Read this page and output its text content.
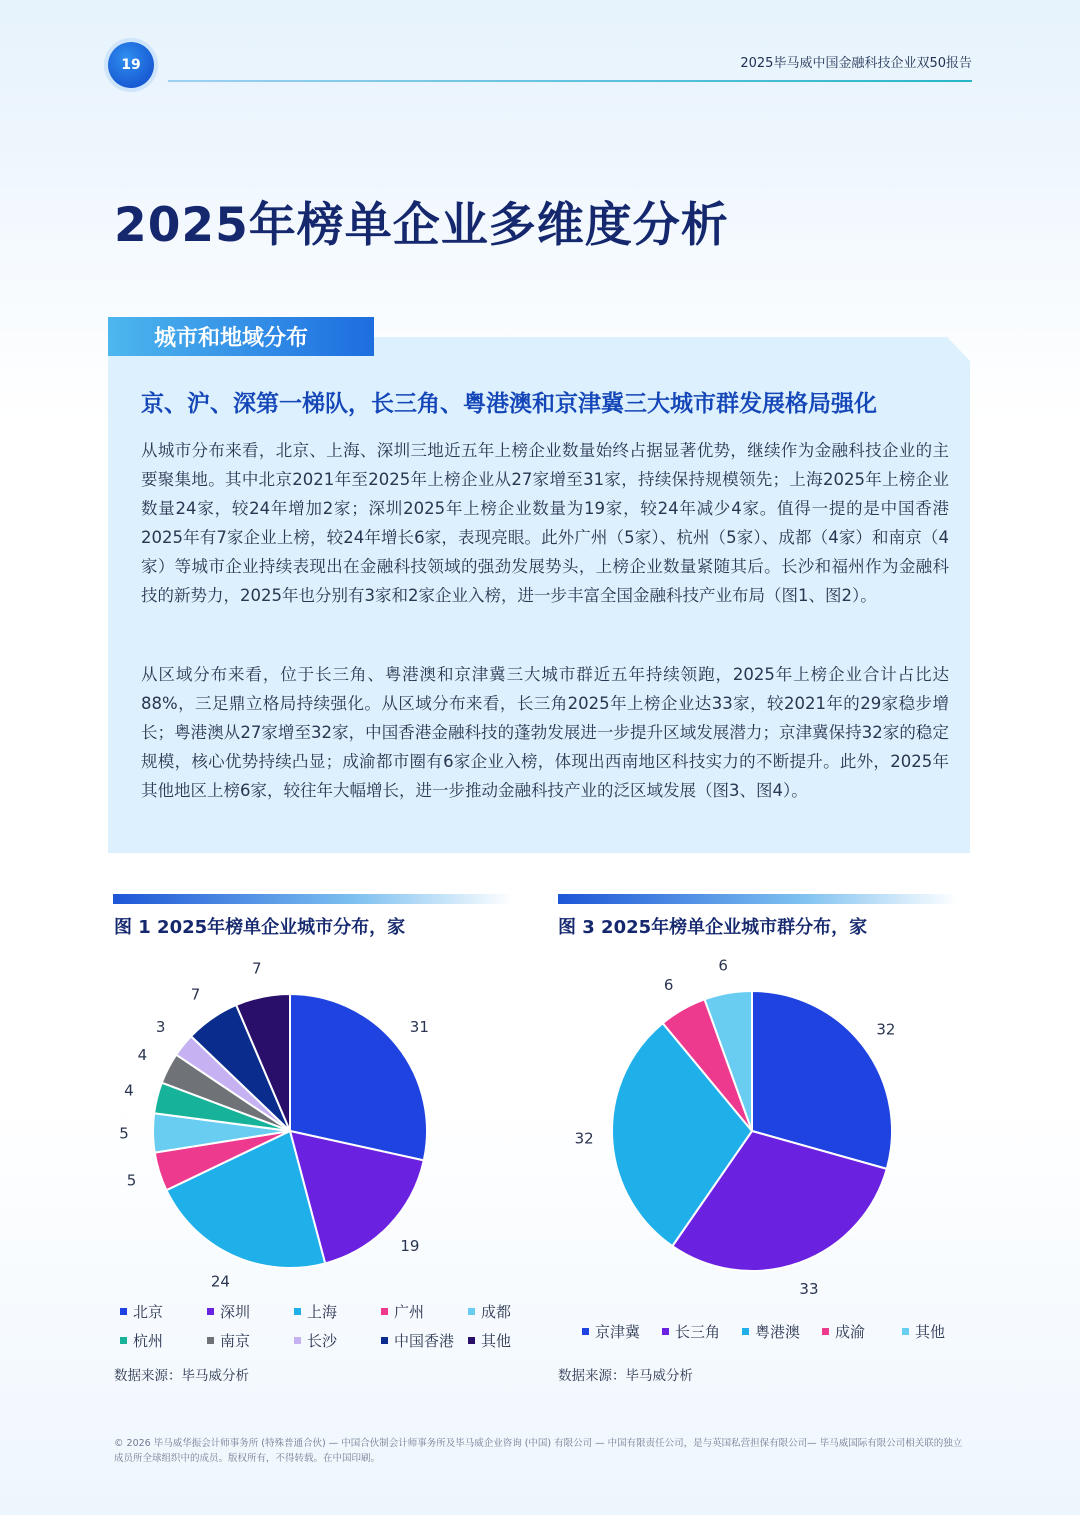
19	2025毕马威中国金融科技企业双50报告
2025年榜单企业多维度分析
城市和地域分布
京、沪、深第一梯队，长三角、粤港澳和京津冀三大城市群发展格局强化

从城市分布来看，北京、上海、深圳三地近五年上榜企业数量始终占据显著优势，继续作为金融科技企业的主要聚集地。其中北京2021年至2025年上榜企业从27家增至31家，持续保持规模领先；上海2025年上榜企业数量24家，较24年增加2家；深圳2025年上榜企业数量为19家，较24年减少4家。值得一提的是中国香港2025年有7家企业上榜，较24年增长6家，表现亮眼。此外广州（5家）、杭州（5家）、成都（4家）和南京（4家）等城市企业持续表现出在金融科技领域的强劲发展势头，上榜企业数量紧随其后。长沙和福州作为金融科技的新势力，2025年也分别有3家和2家企业入榜，进一步丰富全国金融科技产业布局（图1、图2）。

从区域分布来看，位于长三角、粤港澳和京津冀三大城市群近五年持续领跑，2025年上榜企业合计占比达88%，三足鼎立格局持续强化。从区域分布来看，长三角2025年上榜企业达33家，较2021年的29家稳步增长；粤港澳从27家增至32家，中国香港金融科技的蓬勃发展进一步提升区域发展潜力；京津冀保持32家的稳定规模，核心优势持续凸显；成渝都市圈有6家企业入榜，体现出西南地区科技实力的不断提升。此外，2025年其他地区上榜6家，较往年大幅增长，进一步推动金融科技产业的泛区域发展（图3、图4）。

图 1 2025年榜单企业城市分布，家	图 3 2025年榜单企业城市群分布，家
31
19
24
5
5
4
4
3
7
7
32
33
32
6
6
北京	深圳	上海	广州	成都
杭州	南京	长沙	中国香港 其他	京津冀 长三角 粤港澳 成渝	其他
数据来源：毕马威分析	数据来源：毕马威分析
© 2026 毕马威华振会计师事务所 (特殊普通合伙) — 中国合伙制会计师事务所及毕马威企业咨询 (中国) 有限公司 — 中国有限责任公司，是与英国私营担保有限公司— 毕马威国际有限公司相关联的独立成员所全球组织中的成员。版权所有，不得转载。在中国印刷。
